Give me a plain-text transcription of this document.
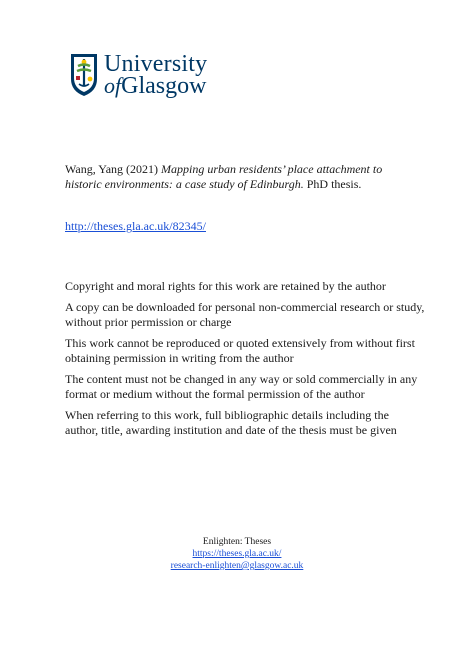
University
ofGlasgow
Wang, Yang (2021) Mapping urban residents’ place attachment to historic environments: a case study of Edinburgh. PhD thesis.
http://theses.gla.ac.uk/82345/

Copyright and moral rights for this work are retained by the author

A copy can be downloaded for personal non-commercial research or study, without prior permission or charge

This work cannot be reproduced or quoted extensively from without first obtaining permission in writing from the author

The content must not be changed in any way or sold commercially in any format or medium without the formal permission of the author

When referring to this work, full bibliographic details including the author, title, awarding institution and date of the thesis must be given

Enlighten: Theses
https://theses.gla.ac.uk/
research-enlighten@glasgow.ac.uk
